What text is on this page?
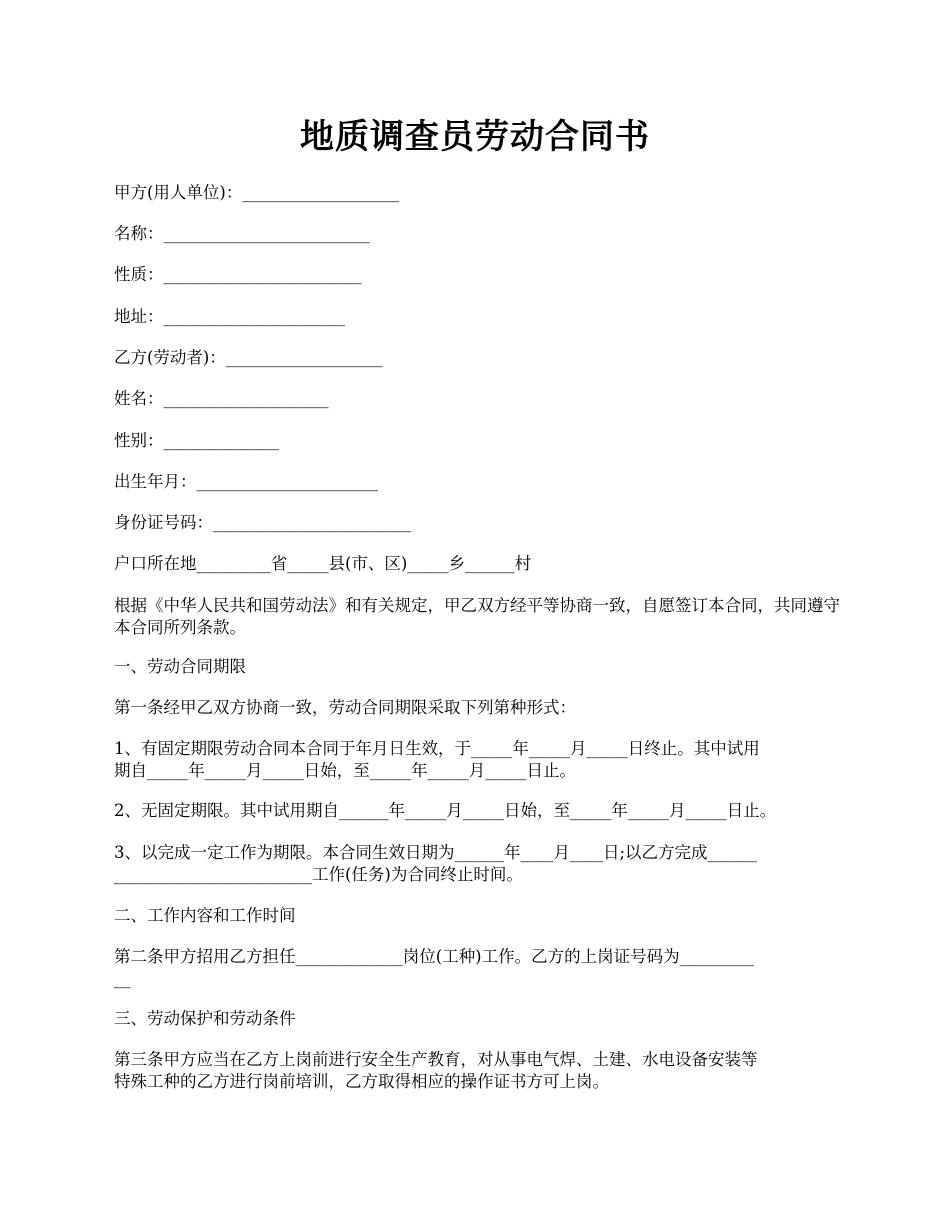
地质调查员劳动合同书
甲方(用人单位)：___________________
名称：_________________________
性质：________________________
地址：______________________
乙方(劳动者)：___________________
姓名：____________________
性别：______________
出生年月：______________________
身份证号码：________________________
户口所在地_________省_____县(市、区)_____乡______村
根据《中华人民共和国劳动法》和有关规定，甲乙双方经平等协商一致，自愿签订本合同，共同遵守本合同所列条款。
一、劳动合同期限
第一条经甲乙双方协商一致，劳动合同期限采取下列第种形式：
1、有固定期限劳动合同本合同于年月日生效，于_____年_____月_____日终止。其中试用
期自_____年_____月_____日始，至_____年_____月_____日止。
2、无固定期限。其中试用期自______年_____月_____日始，至_____年_____月_____日止。
3、以完成一定工作为期限。本合同生效日期为______年____月____日;以乙方完成______
________________________工作(任务)为合同终止时间。
二、工作内容和工作时间
第二条甲方招用乙方担任_____________岗位(工种)工作。乙方的上岗证号码为_________
__
三、劳动保护和劳动条件
第三条甲方应当在乙方上岗前进行安全生产教育，对从事电气焊、土建、水电设备安装等
特殊工种的乙方进行岗前培训，乙方取得相应的操作证书方可上岗。
